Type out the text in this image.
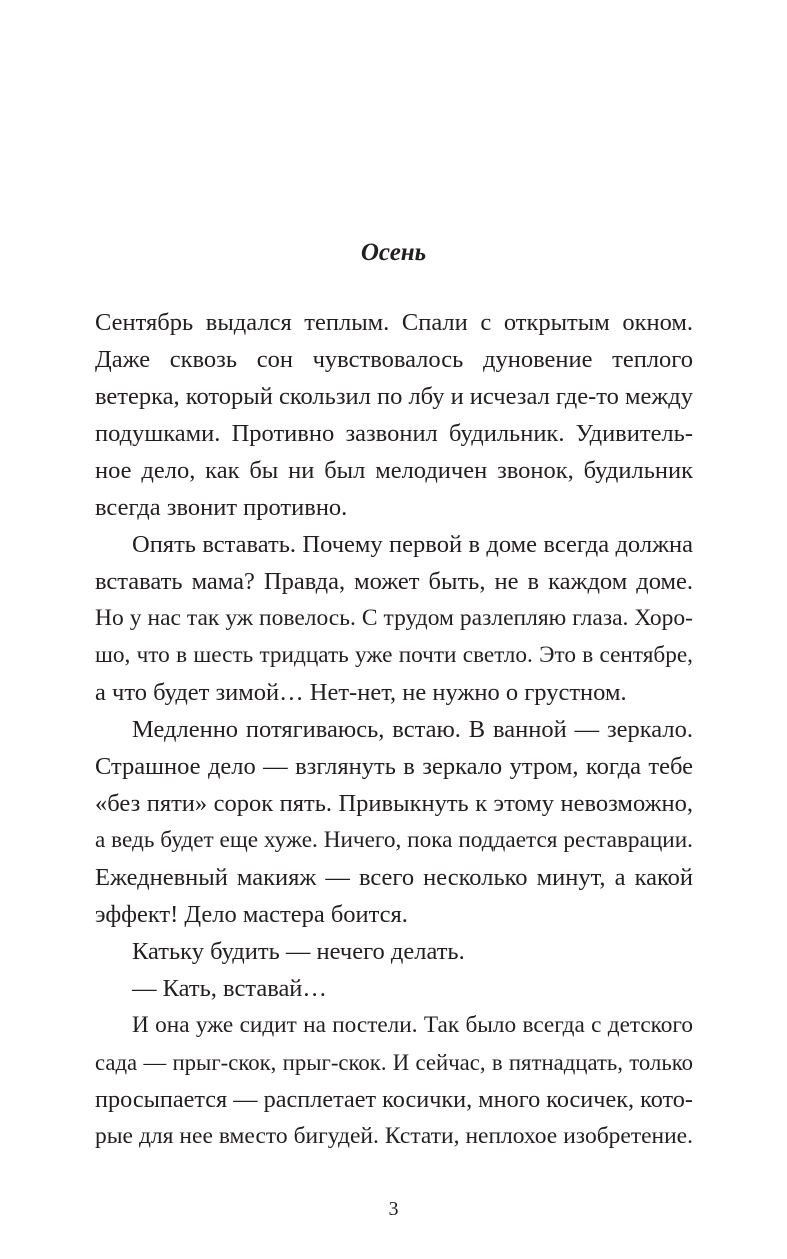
Осень
Сентябрь выдался теплым. Спали с открытым окном.
Даже сквозь сон чувствовалось дуновение теплого
ветерка, который скользил по лбу и исчезал где-то между
подушками. Противно зазвонил будильник. Удивитель-
ное дело, как бы ни был мелодичен звонок, будильник
всегда звонит противно.
Опять вставать. Почему первой в доме всегда должна
вставать мама? Правда, может быть, не в каждом доме.
Но у нас так уж повелось. С трудом разлепляю глаза. Хоро-
шо, что в шесть тридцать уже почти светло. Это в сентябре,
а что будет зимой… Нет-нет, не нужно о грустном.
Медленно потягиваюсь, встаю. В ванной — зеркало.
Страшное дело — взглянуть в зеркало утром, когда тебе
«без пяти» сорок пять. Привыкнуть к этому невозможно,
а ведь будет еще хуже. Ничего, пока поддается реставрации.
Ежедневный макияж — всего несколько минут, а какой
эффект! Дело мастера боится.
Катьку будить — нечего делать.
— Кать, вставай…
И она уже сидит на постели. Так было всегда с детского
сада — прыг-скок, прыг-скок. И сейчас, в пятнадцать, только
просыпается — расплетает косички, много косичек, кото-
рые для нее вместо бигудей. Кстати, неплохое изобретение.
3
